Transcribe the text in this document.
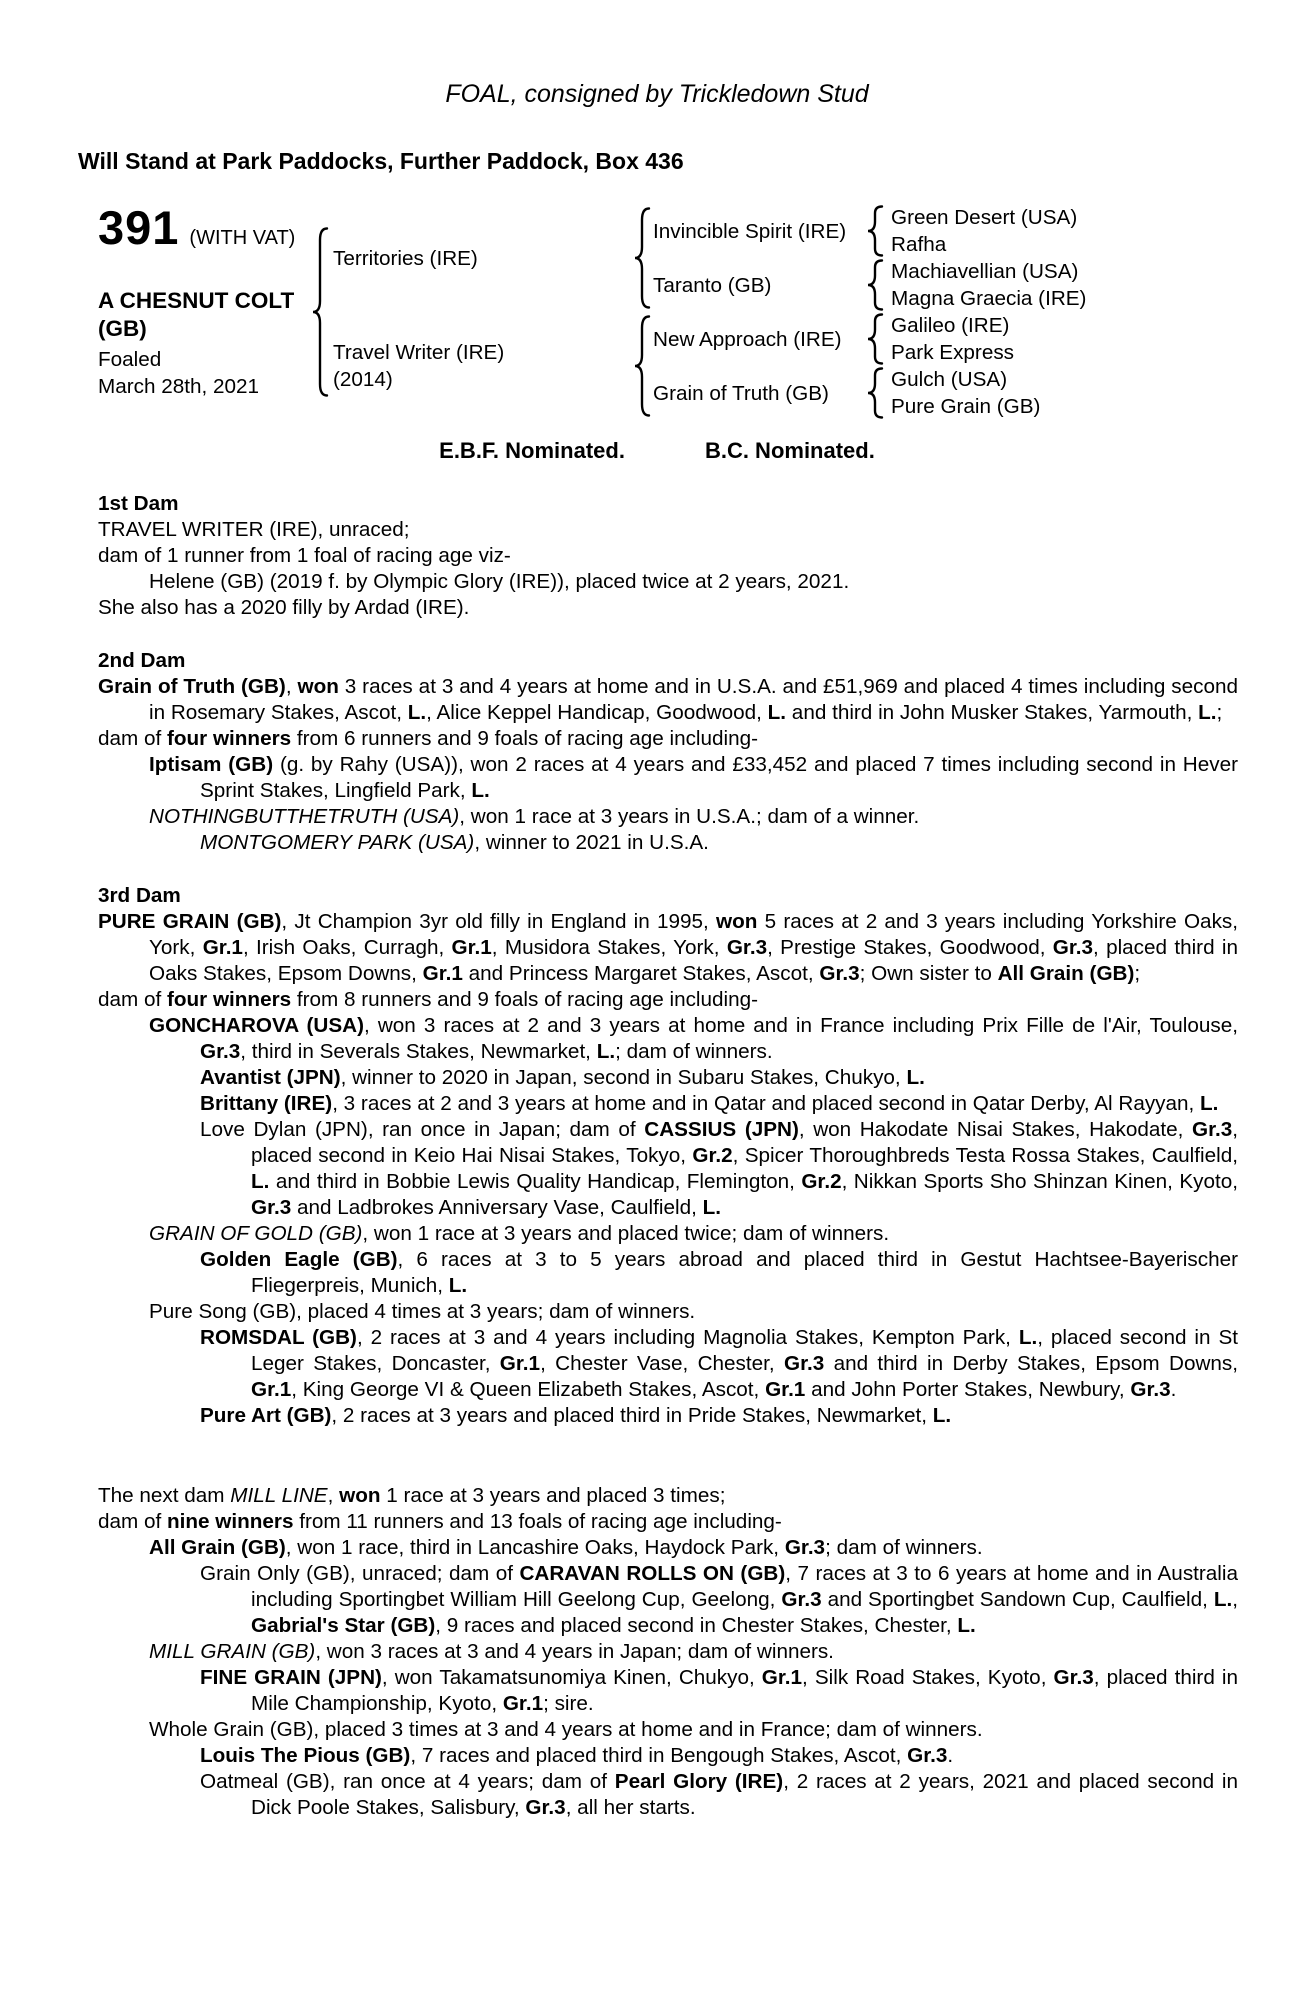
FOAL, consigned by Trickledown Stud
Will Stand at Park Paddocks, Further Paddock, Box 436
391 (WITH VAT)
A CHESNUT COLT
(GB)
Foaled
March 28th, 2021
Territories (IRE)
Travel Writer (IRE)
(2014)
Invincible Spirit (IRE)
Taranto (GB)
New Approach (IRE)
Grain of Truth (GB)
Green Desert (USA)
Rafha
Machiavellian (USA)
Magna Graecia (IRE)
Galileo (IRE)
Park Express
Gulch (USA)
Pure Grain (GB)
E.B.F. Nominated.	B.C. Nominated.
1st Dam
TRAVEL WRITER (IRE), unraced;
dam of 1 runner from 1 foal of racing age viz-
Helene (GB) (2019 f. by Olympic Glory (IRE)), placed twice at 2 years, 2021.
She also has a 2020 filly by Ardad (IRE).
2nd Dam
Grain of Truth (GB), won 3 races at 3 and 4 years at home and in U.S.A. and £51,969 and placed 4 times including second in Rosemary Stakes, Ascot, L., Alice Keppel Handicap, Goodwood, L. and third in John Musker Stakes, Yarmouth, L.;
dam of four winners from 6 runners and 9 foals of racing age including-
Iptisam (GB) (g. by Rahy (USA)), won 2 races at 4 years and £33,452 and placed 7 times including second in Hever Sprint Stakes, Lingfield Park, L.
NOTHINGBUTTHETRUTH (USA), won 1 race at 3 years in U.S.A.; dam of a winner.
MONTGOMERY PARK (USA), winner to 2021 in U.S.A.
3rd Dam
PURE GRAIN (GB), Jt Champion 3yr old filly in England in 1995, won 5 races at 2 and 3 years including Yorkshire Oaks, York, Gr.1, Irish Oaks, Curragh, Gr.1, Musidora Stakes, York, Gr.3, Prestige Stakes, Goodwood, Gr.3, placed third in Oaks Stakes, Epsom Downs, Gr.1 and Princess Margaret Stakes, Ascot, Gr.3; Own sister to All Grain (GB);
dam of four winners from 8 runners and 9 foals of racing age including-
GONCHAROVA (USA), won 3 races at 2 and 3 years at home and in France including Prix Fille de l'Air, Toulouse, Gr.3, third in Severals Stakes, Newmarket, L.; dam of winners.
Avantist (JPN), winner to 2020 in Japan, second in Subaru Stakes, Chukyo, L.
Brittany (IRE), 3 races at 2 and 3 years at home and in Qatar and placed second in Qatar Derby, Al Rayyan, L.
Love Dylan (JPN), ran once in Japan; dam of CASSIUS (JPN), won Hakodate Nisai Stakes, Hakodate, Gr.3, placed second in Keio Hai Nisai Stakes, Tokyo, Gr.2, Spicer Thoroughbreds Testa Rossa Stakes, Caulfield, L. and third in Bobbie Lewis Quality Handicap, Flemington, Gr.2, Nikkan Sports Sho Shinzan Kinen, Kyoto, Gr.3 and Ladbrokes Anniversary Vase, Caulfield, L.
GRAIN OF GOLD (GB), won 1 race at 3 years and placed twice; dam of winners.
Golden Eagle (GB), 6 races at 3 to 5 years abroad and placed third in Gestut Hachtsee-Bayerischer Fliegerpreis, Munich, L.
Pure Song (GB), placed 4 times at 3 years; dam of winners.
ROMSDAL (GB), 2 races at 3 and 4 years including Magnolia Stakes, Kempton Park, L., placed second in St Leger Stakes, Doncaster, Gr.1, Chester Vase, Chester, Gr.3 and third in Derby Stakes, Epsom Downs, Gr.1, King George VI & Queen Elizabeth Stakes, Ascot, Gr.1 and John Porter Stakes, Newbury, Gr.3.
Pure Art (GB), 2 races at 3 years and placed third in Pride Stakes, Newmarket, L.
The next dam MILL LINE, won 1 race at 3 years and placed 3 times;
dam of nine winners from 11 runners and 13 foals of racing age including-
All Grain (GB), won 1 race, third in Lancashire Oaks, Haydock Park, Gr.3; dam of winners.
Grain Only (GB), unraced; dam of CARAVAN ROLLS ON (GB), 7 races at 3 to 6 years at home and in Australia including Sportingbet William Hill Geelong Cup, Geelong, Gr.3 and Sportingbet Sandown Cup, Caulfield, L., Gabrial's Star (GB), 9 races and placed second in Chester Stakes, Chester, L.
MILL GRAIN (GB), won 3 races at 3 and 4 years in Japan; dam of winners.
FINE GRAIN (JPN), won Takamatsunomiya Kinen, Chukyo, Gr.1, Silk Road Stakes, Kyoto, Gr.3, placed third in Mile Championship, Kyoto, Gr.1; sire.
Whole Grain (GB), placed 3 times at 3 and 4 years at home and in France; dam of winners.
Louis The Pious (GB), 7 races and placed third in Bengough Stakes, Ascot, Gr.3.
Oatmeal (GB), ran once at 4 years; dam of Pearl Glory (IRE), 2 races at 2 years, 2021 and placed second in Dick Poole Stakes, Salisbury, Gr.3, all her starts.
